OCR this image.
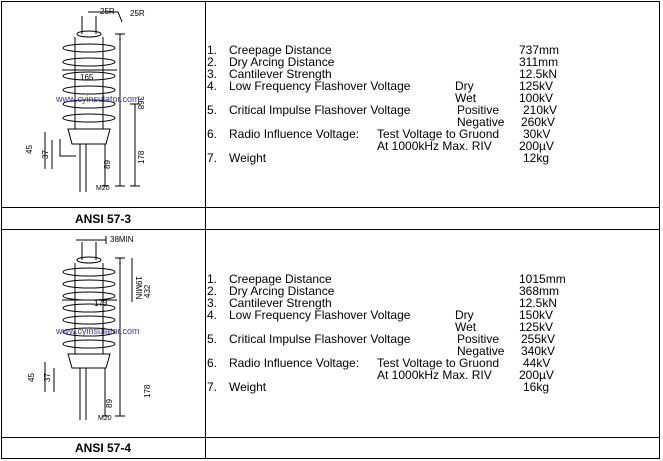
25R 25R
165
368
45
37
89
178
M20
www.cyinsulator.com
ANSI 57-3
1. Creepage Distance	737mm
2. Dry Arcing Distance	311mm
3. Cantilever Strength	12.5kN
4. Low Frequency Flashover Voltage	Dry	125kV
Wet	100kV
5. Critical Impulse Flashover Voltage	Positive 210kV
Negative 260kV
6. Radio Influence Voltage: Test Voltage to Gruond 30kV
At 1000kHz Max. RIV 200µV
7. Weight	12kg
38MIN
19MIN
173
432
45 37
89
178
M20
www.cyinsulator.com
ANSI 57-4
1. Creepage Distance	1015mm
2. Dry Arcing Distance	368mm
3. Cantilever Strength	12.5kN
4. Low Frequency Flashover Voltage	Dry	150kV
Wet	125kV
5. Critical Impulse Flashover Voltage	Positive 255kV
Negative 340kV
6. Radio Influence Voltage: Test Voltage to Gruond 44kV
At 1000kHz Max. RIV 200µV
7. Weight	16kg
